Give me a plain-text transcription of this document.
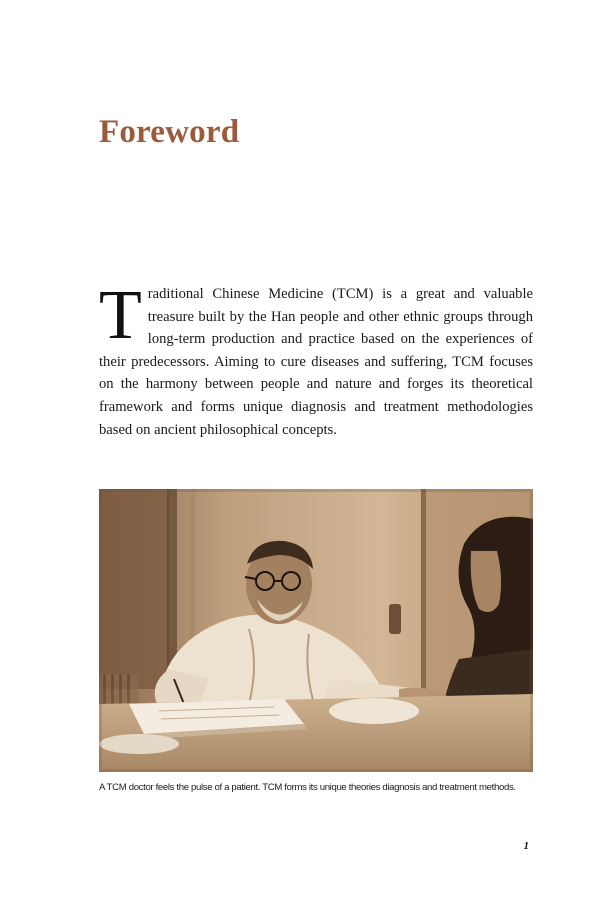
Foreword

Traditional Chinese Medicine (TCM) is a great and valuable treasure built by the Han people and other ethnic groups through long-term production and practice based on the experiences of their predecessors. Aiming to cure diseases and suffering, TCM focuses on the harmony between people and nature and forges its theoretical framework and forms unique diagnosis and treatment methodologies based on ancient philosophical concepts.

A TCM doctor feels the pulse of a patient. TCM forms its unique theories diagnosis and treatment methods.

1
